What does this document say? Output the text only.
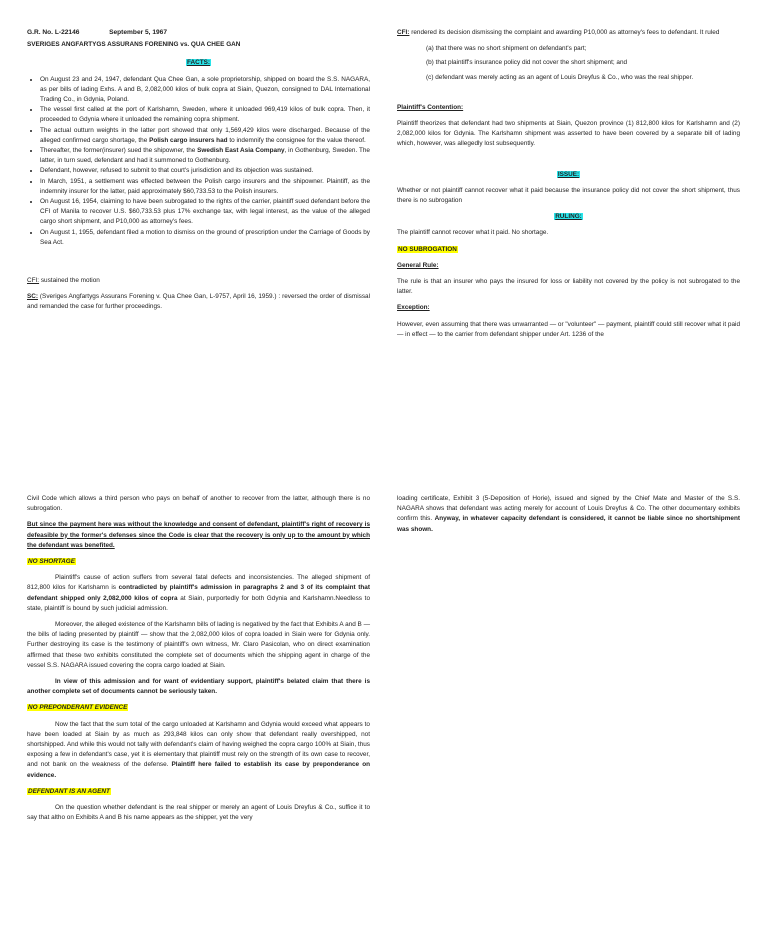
G.R. No. L-22146	September 5, 1967
SVERIGES ANGFARTYGS ASSURANS FORENING vs. QUA CHEE GAN
FACTS:
• On August 23 and 24, 1947, defendant Qua Chee Gan, a sole proprietorship, shipped on board the S.S. NAGARA, as per bills of lading Exhs. A and B, 2,082,000 kilos of bulk copra at Siain, Quezon, consigned to DAL International Trading Co., in Gdynia, Poland.
• The vessel first called at the port of Karlshamn, Sweden, where it unloaded 969,419 kilos of bulk copra. Then, it proceeded to Gdynia where it unloaded the remaining copra shipment.
• The actual outturn weights in the latter port showed that only 1,569,429 kilos were discharged. Because of the alleged confirmed cargo shortage, the Polish cargo insurers had to indemnify the consignee for the value thereof.
• Thereafter, the former(insurer) sued the shipowner, the Swedish East Asia Company, in Gothenburg, Sweden. The latter, in turn sued, defendant and had it summoned to Gothenburg.
• Defendant, however, refused to submit to that court's jurisdiction and its objection was sustained.
• In March, 1951, a settlement was effected between the Polish cargo insurers and the shipowner. Plaintiff, as the indemnity insurer for the latter, paid approximately $60,733.53 to the Polish insurers.
• On August 16, 1954, claiming to have been subrogated to the rights of the carrier, plaintiff sued defendant before the CFI of Manila to recover U.S. $60,733.53 plus 17% exchange tax, with legal interest, as the value of the alleged cargo short shipment, and P10,000 as attorney's fees.
• On August 1, 1955, defendant filed a motion to dismiss on the ground of prescription under the Carriage of Goods by Sea Act.

CFI: sustained the motion

SC: (Sveriges Angfartygs Assurans Forening v. Qua Chee Gan, L-9757, April 16, 1959.) : reversed the order of dismissal and remanded the case for further proceedings.

CFI: rendered its decision dismissing the complaint and awarding P10,000 as attorney's fees to defendant. It ruled

(a) that there was no short shipment on defendant's part;

(b) that plaintiff's insurance policy did not cover the short shipment; and

(c) defendant was merely acting as an agent of Louis Dreyfus & Co., who was the real shipper.

Plaintiff's Contention:

Plaintiff theorizes that defendant had two shipments at Siain, Quezon province (1) 812,800 kilos for Karlshamn and (2) 2,082,000 kilos for Gdynia. The Karlshamn shipment was asserted to have been covered by a separate bill of lading which, however, was allegedly lost subsequently.

ISSUE:

Whether or not plaintiff cannot recover what it paid because the insurance policy did not cover the short shipment, thus there is no subrogation

RULING:

The plaintiff cannot recover what it paid. No shortage.

NO SUBROGATION

General Rule:

The rule is that an insurer who pays the insured for loss or liability not covered by the policy is not subrogated to the latter.

Exception:

However, even assuming that there was unwarranted — or "volunteer" — payment, plaintiff could still recover what it paid — in effect — to the carrier from defendant shipper under Art. 1236 of the

Civil Code which allows a third person who pays on behalf of another to recover from the latter, although there is no subrogation.

But since the payment here was without the knowledge and consent of defendant, plaintiff's right of recovery is defeasible by the former's defenses since the Code is clear that the recovery is only up to the amount by which the defendant was benefited.

NO SHORTAGE

Plaintiff's cause of action suffers from several fatal defects and inconsistencies. The alleged shipment of 812,800 kilos for Karlshamn is contradicted by plaintiff's admission in paragraphs 2 and 3 of its complaint that defendant shipped only 2,082,000 kilos of copra at Siain, purportedly for both Gdynia and Karlshamn.Needless to state, plaintiff is bound by such judicial admission.

Moreover, the alleged existence of the Karlshamn bills of lading is negatived by the fact that Exhibits A and B — the bills of lading presented by plaintiff — show that the 2,082,000 kilos of copra loaded in Siain were for Gdynia only. Further destroying its case is the testimony of plaintiff's own witness, Mr. Claro Pasicolan, who on direct examination affirmed that these two exhibits constituted the complete set of documents which the shipping agent in charge of the vessel S.S. NAGARA issued covering the copra cargo loaded at Siain.

In view of this admission and for want of evidentiary support, plaintiff's belated claim that there is another complete set of documents cannot be seriously taken.

NO PREPONDERANT EVIDENCE

Now the fact that the sum total of the cargo unloaded at Karlshamn and Gdynia would exceed what appears to have been loaded at Siain by as much as 293,848 kilos can only show that defendant really overshipped, not shortshipped. And while this would not tally with defendant's claim of having weighed the copra cargo 100% at Siain, thus exposing a few in defendant's case, yet it is elementary that plaintiff must rely on the strength of its own case to recover, and not bank on the weakness of the defense. Plaintiff here failed to establish its case by preponderance on evidence.

DEFENDANT IS AN AGENT

On the question whether defendant is the real shipper or merely an agent of Louis Dreyfus & Co., suffice it to say that altho on Exhibits A and B his name appears as the shipper, yet the very

loading certificate, Exhibit 3 (5-Deposition of Horie), issued and signed by the Chief Mate and Master of the S.S. NAGARA shows that defendant was acting merely for account of Louis Dreyfus & Co. The other documentary exhibits confirm this. Anyway, in whatever capacity defendant is considered, it cannot be liable since no shortshipment was shown.
